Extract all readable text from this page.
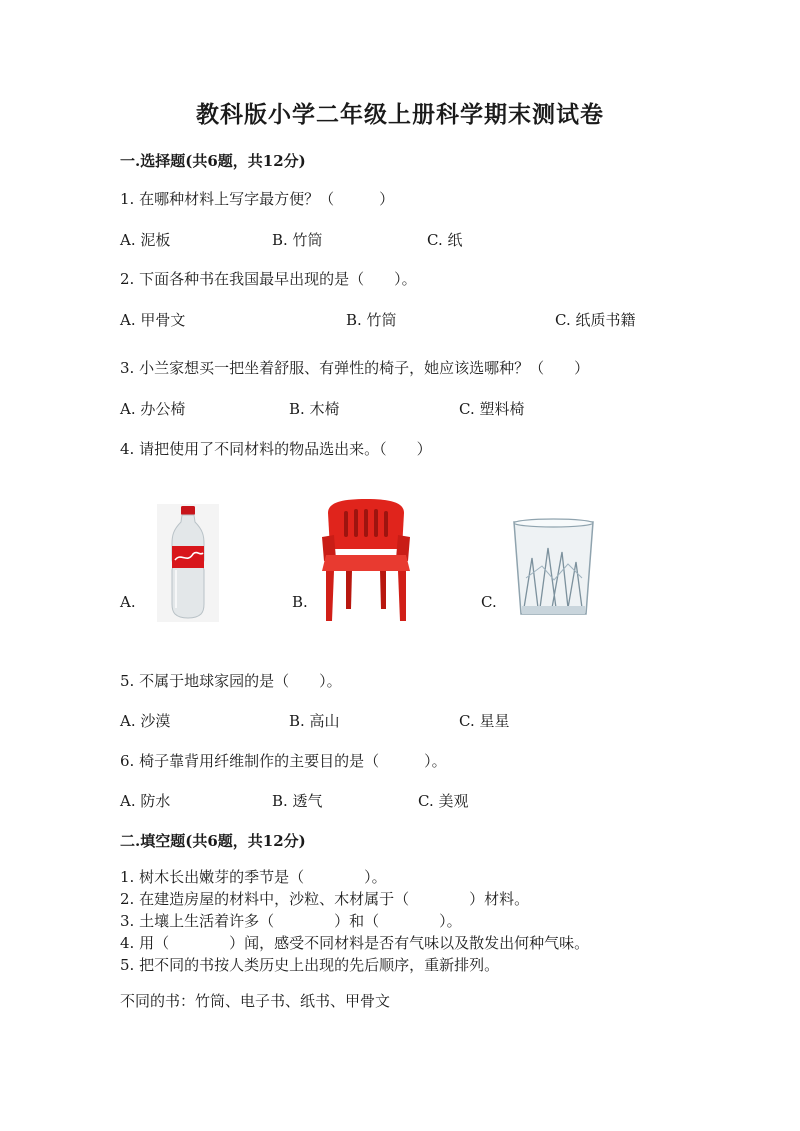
教科版小学二年级上册科学期末测试卷
一.选择题(共6题，共12分)
1. 在哪种材料上写字最方便？（　　　）
A. 泥板	B. 竹筒	C. 纸
2. 下面各种书在我国最早出现的是（　　）。
A. 甲骨文	B. 竹筒	C. 纸质书籍
3. 小兰家想买一把坐着舒服、有弹性的椅子，她应该选哪种？（　　）
A. 办公椅	B. 木椅	C. 塑料椅
4. 请把使用了不同材料的物品选出来。（　　）
A.	B.	C.
5. 不属于地球家园的是（　　）。
A. 沙漠	B. 高山	C. 星星
6. 椅子靠背用纤维制作的主要目的是（　　　）。
A. 防水	B. 透气	C. 美观
二.填空题(共6题，共12分)
1. 树木长出嫩芽的季节是（　　　　）。
2. 在建造房屋的材料中，沙粒、木材属于（　　　　）材料。
3. 土壤上生活着许多（　　　　）和（　　　　）。
4. 用（　　　　）闻，感受不同材料是否有气味以及散发出何种气味。
5. 把不同的书按人类历史上出现的先后顺序，重新排列。
不同的书：竹筒、电子书、纸书、甲骨文
